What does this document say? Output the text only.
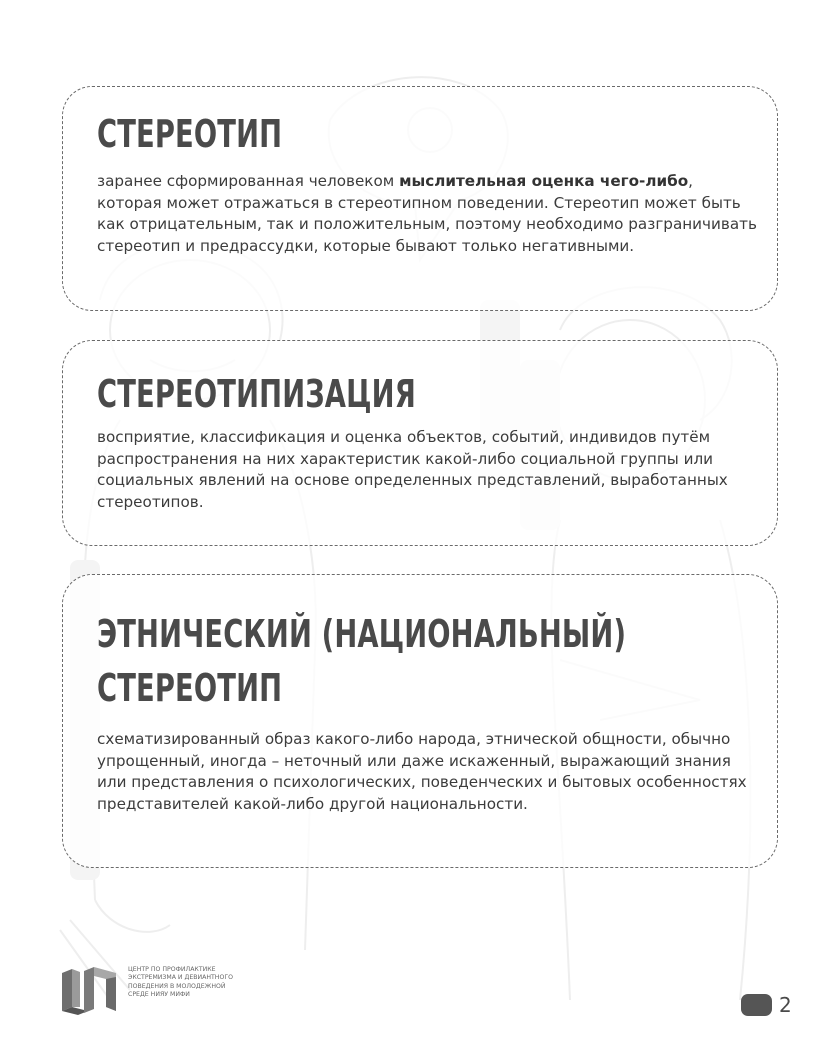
СТЕРЕОТИП

заранее сформированная человеком мыслительная оценка чего-либо, которая может отражаться в стереотипном поведении. Стереотип может быть как отрицательным, так и положительным, поэтому необходимо разграничивать стереотип и предрассудки, которые бывают только негативными.

СТЕРЕОТИПИЗАЦИЯ

восприятие, классификация и оценка объектов, событий, индивидов путём распространения на них характеристик какой-либо социальной группы или социальных явлений на основе определенных представлений, выработанных стереотипов.

ЭТНИЧЕСКИЙ (НАЦИОНАЛЬНЫЙ)
СТЕРЕОТИП

схематизированный образ какого-либо народа, этнической общности, обычно упрощенный, иногда – неточный или даже искаженный, выражающий знания или представления о психологических, поведенческих и бытовых особенностях представителей какой-либо другой национальности.

ЦЕНТР ПО ПРОФИЛАКТИКЕ
ЭКСТРЕМИЗМА И ДЕВИАНТНОГО
ПОВЕДЕНИЯ В МОЛОДЕЖНОЙ
СРЕДЕ НИЯУ МИФИ	2
